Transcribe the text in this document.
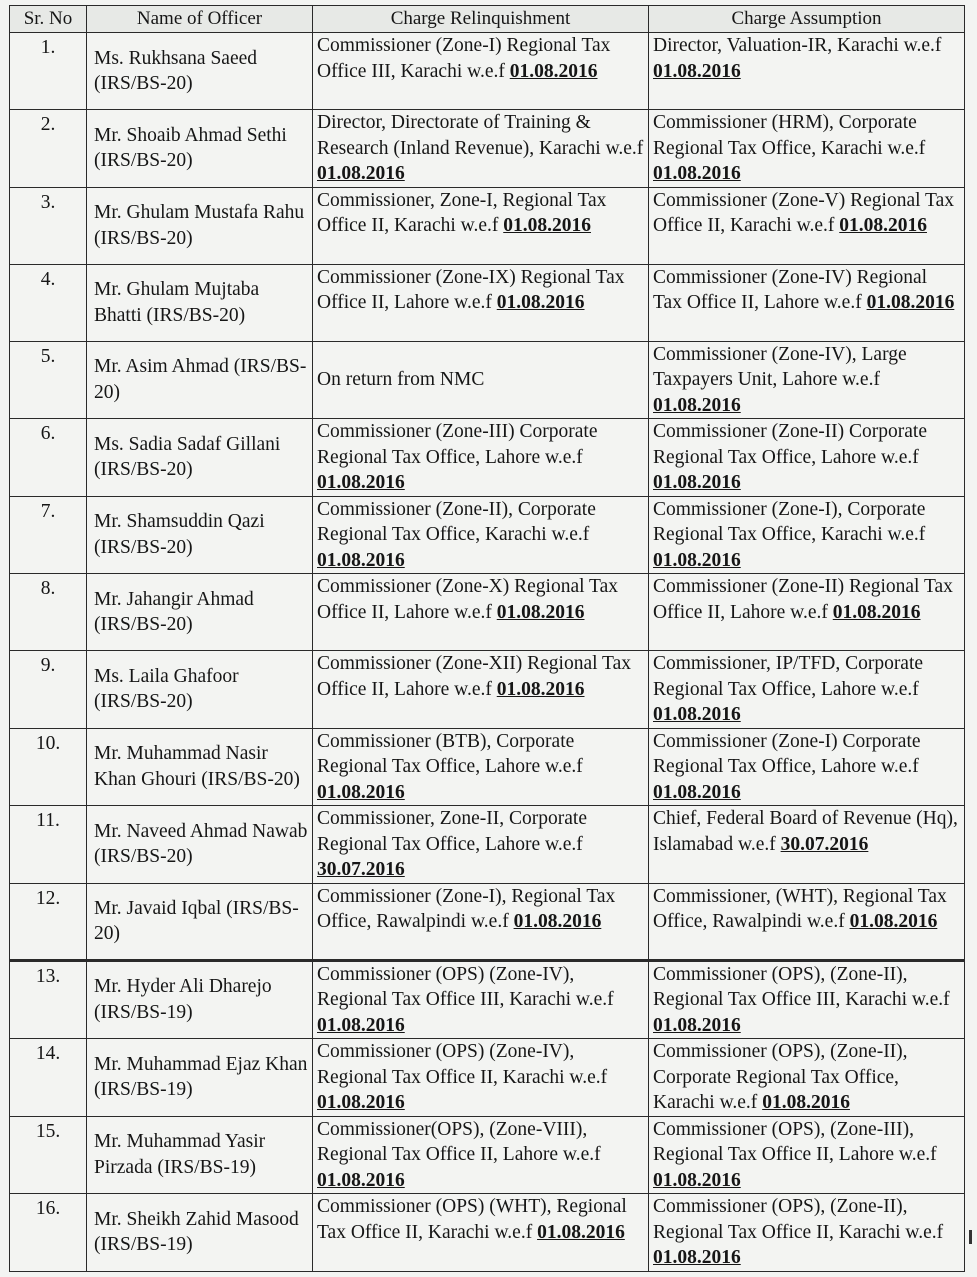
Sr. No	Name of Officer	Charge Relinquishment	Charge Assumption
1.	Ms. Rukhsana Saeed (IRS/BS-20)	Commissioner (Zone-I) Regional Tax Office III, Karachi w.e.f 01.08.2016	Director, Valuation-IR, Karachi w.e.f 01.08.2016
2.	Mr. Shoaib Ahmad Sethi (IRS/BS-20)	Director, Directorate of Training & Research (Inland Revenue), Karachi w.e.f 01.08.2016	Commissioner (HRM), Corporate Regional Tax Office, Karachi w.e.f 01.08.2016
3.	Mr. Ghulam Mustafa Rahu (IRS/BS-20)	Commissioner, Zone-I, Regional Tax Office II, Karachi w.e.f 01.08.2016	Commissioner (Zone-V) Regional Tax Office II, Karachi w.e.f 01.08.2016
4.	Mr. Ghulam Mujtaba Bhatti (IRS/BS-20)	Commissioner (Zone-IX) Regional Tax Office II, Lahore w.e.f 01.08.2016	Commissioner (Zone-IV) Regional Tax Office II, Lahore w.e.f 01.08.2016
5.	Mr. Asim Ahmad (IRS/BS-20)	On return from NMC	Commissioner (Zone-IV), Large Taxpayers Unit, Lahore w.e.f 01.08.2016
6.	Ms. Sadia Sadaf Gillani (IRS/BS-20)	Commissioner (Zone-III) Corporate Regional Tax Office, Lahore w.e.f 01.08.2016	Commissioner (Zone-II) Corporate Regional Tax Office, Lahore w.e.f 01.08.2016
7.	Mr. Shamsuddin Qazi (IRS/BS-20)	Commissioner (Zone-II), Corporate Regional Tax Office, Karachi w.e.f 01.08.2016	Commissioner (Zone-I), Corporate Regional Tax Office, Karachi w.e.f 01.08.2016
8.	Mr. Jahangir Ahmad (IRS/BS-20)	Commissioner (Zone-X) Regional Tax Office II, Lahore w.e.f 01.08.2016	Commissioner (Zone-II) Regional Tax Office II, Lahore w.e.f 01.08.2016
9.	Ms. Laila Ghafoor (IRS/BS-20)	Commissioner (Zone-XII) Regional Tax Office II, Lahore w.e.f 01.08.2016	Commissioner, IP/TFD, Corporate Regional Tax Office, Lahore w.e.f 01.08.2016
10.	Mr. Muhammad Nasir Khan Ghouri (IRS/BS-20)	Commissioner (BTB), Corporate Regional Tax Office, Lahore w.e.f 01.08.2016	Commissioner (Zone-I) Corporate Regional Tax Office, Lahore w.e.f 01.08.2016
11.	Mr. Naveed Ahmad Nawab (IRS/BS-20)	Commissioner, Zone-II, Corporate Regional Tax Office, Lahore w.e.f 30.07.2016	Chief, Federal Board of Revenue (Hq), Islamabad w.e.f 30.07.2016
12.	Mr. Javaid Iqbal (IRS/BS-20)	Commissioner (Zone-I), Regional Tax Office, Rawalpindi w.e.f 01.08.2016	Commissioner, (WHT), Regional Tax Office, Rawalpindi w.e.f 01.08.2016
13.	Mr. Hyder Ali Dharejo (IRS/BS-19)	Commissioner (OPS) (Zone-IV), Regional Tax Office III, Karachi w.e.f 01.08.2016	Commissioner (OPS), (Zone-II), Regional Tax Office III, Karachi w.e.f 01.08.2016
14.	Mr. Muhammad Ejaz Khan (IRS/BS-19)	Commissioner (OPS) (Zone-IV), Regional Tax Office II, Karachi w.e.f 01.08.2016	Commissioner (OPS), (Zone-II), Corporate Regional Tax Office, Karachi w.e.f 01.08.2016
15.	Mr. Muhammad Yasir Pirzada (IRS/BS-19)	Commissioner(OPS), (Zone-VIII), Regional Tax Office II, Lahore w.e.f 01.08.2016	Commissioner (OPS), (Zone-III), Regional Tax Office II, Lahore w.e.f 01.08.2016
16.	Mr. Sheikh Zahid Masood (IRS/BS-19)	Commissioner (OPS) (WHT), Regional Tax Office II, Karachi w.e.f 01.08.2016	Commissioner (OPS), (Zone-II), Regional Tax Office II, Karachi w.e.f 01.08.2016
